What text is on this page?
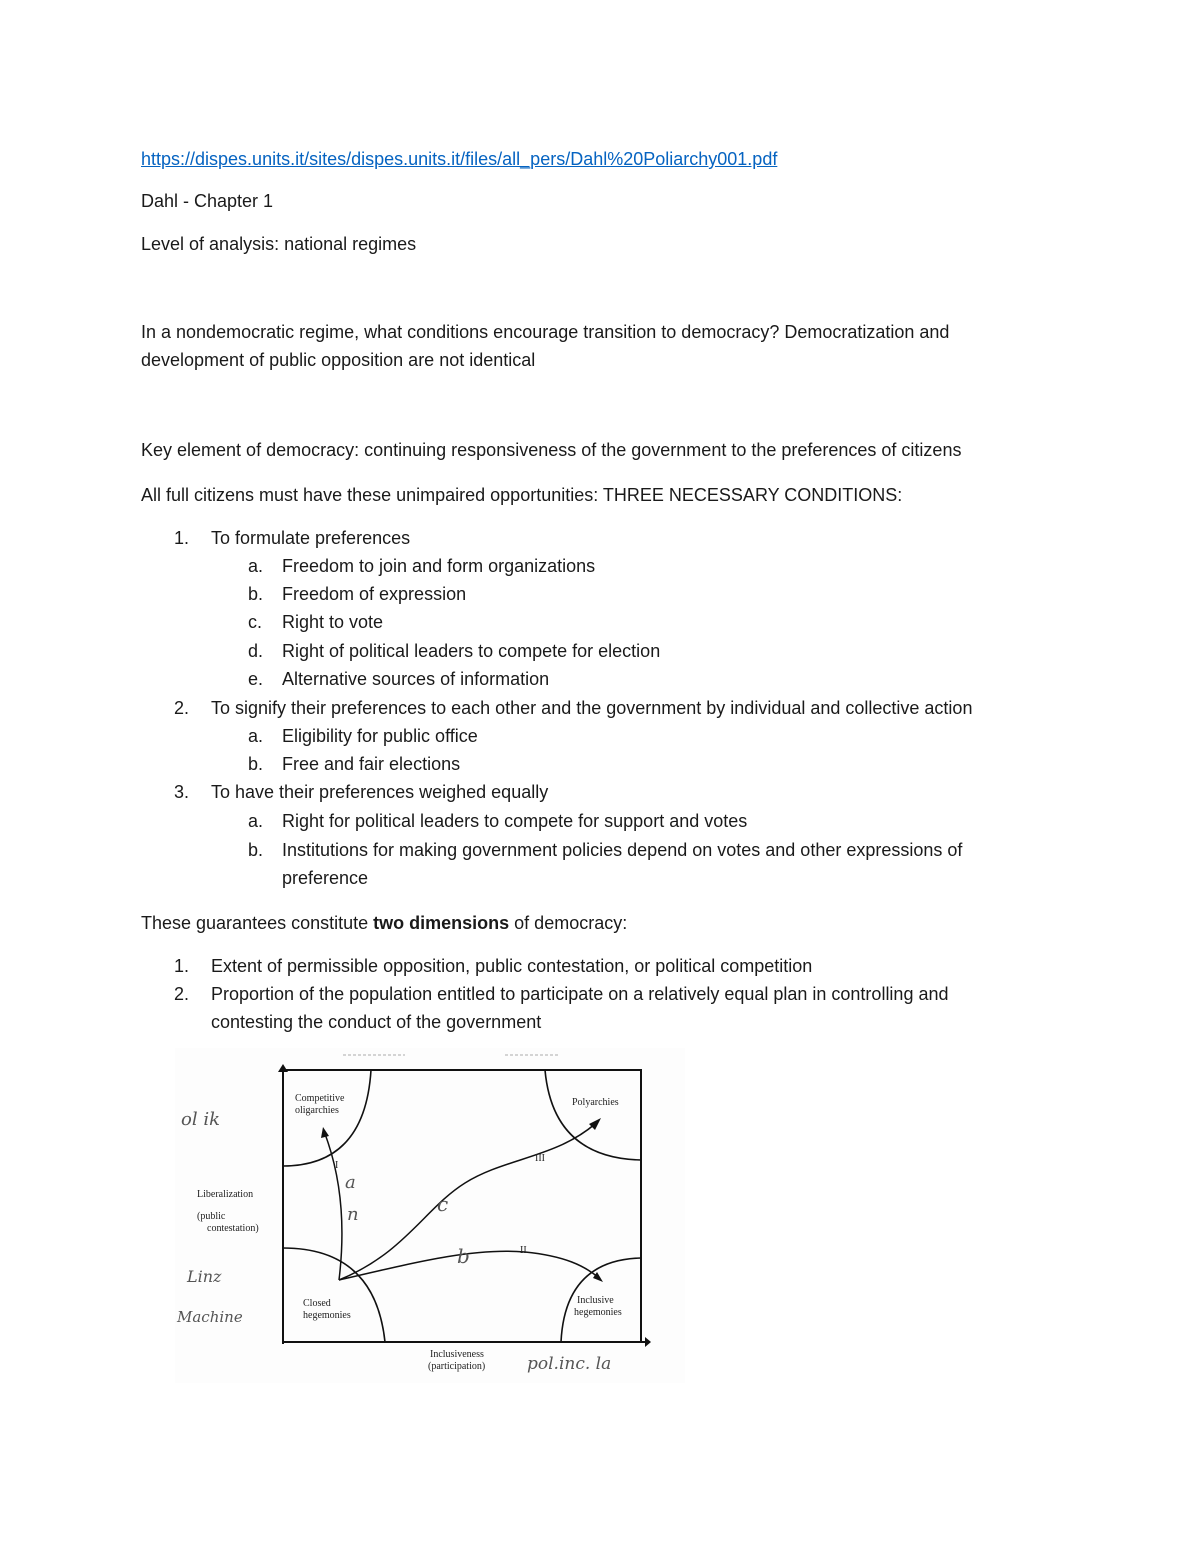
https://dispes.units.it/sites/dispes.units.it/files/all_pers/Dahl%20Poliarchy001.pdf
Dahl - Chapter 1
Level of analysis: national regimes
In a nondemocratic regime, what conditions encourage transition to democracy? Democratization and
development of public opposition are not identical
Key element of democracy: continuing responsiveness of the government to the preferences of citizens
All full citizens must have these unimpaired opportunities: THREE NECESSARY CONDITIONS:
1. To formulate preferences
a. Freedom to join and form organizations
b. Freedom of expression
c. Right to vote
d. Right of political leaders to compete for election
e. Alternative sources of information
2. To signify their preferences to each other and the government by individual and collective action
a. Eligibility for public office
b. Free and fair elections
3. To have their preferences weighed equally
a. Right for political leaders to compete for support and votes
b. Institutions for making government policies depend on votes and other expressions of
preference
These guarantees constitute two dimensions of democracy:
1. Extent of permissible opposition, public contestation, or political competition
2. Proportion of the population entitled to participate on a relatively equal plan in controlling and
contesting the conduct of the government
Competitive
oligarchies
Polyarchies
Closed
hegemonies
Inclusive
hegemonies
Liberalization
(public
contestation)
Inclusiveness
(participation)
I
III
II
a
n	c
b
ol ik
Linz
Machine
pol.inc. la
